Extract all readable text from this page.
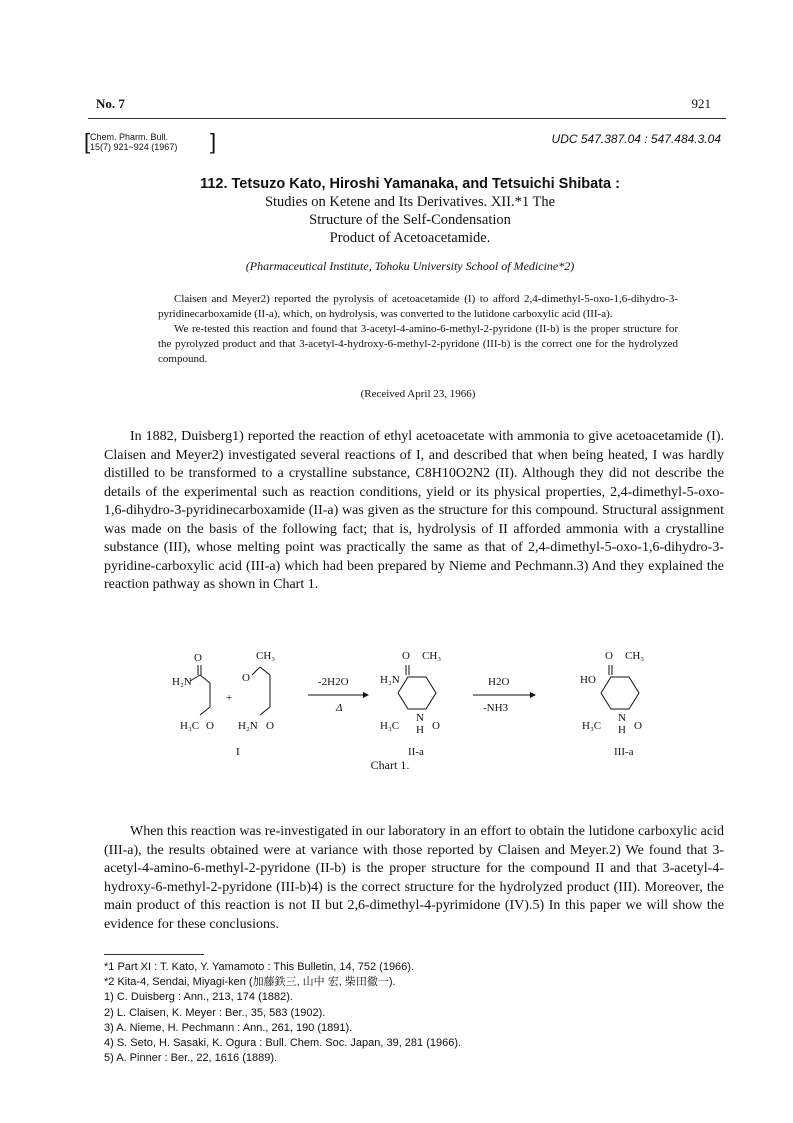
No. 7	921
[ Chem. Pharm. Bull.
15(7) 921~924 (1967) ]	UDC 547.387.04 : 547.484.3.04
112. Tetsuzo Kato, Hiroshi Yamanaka, and Tetsuichi Shibata :
Studies on Ketene and Its Derivatives. XII.*1 The
Structure of the Self-Condensation
Product of Acetoacetamide.
(Pharmaceutical Institute, Tohoku University School of Medicine*2)

Claisen and Meyer2) reported the pyrolysis of acetoacetamide (I) to afford 2,4-dimethyl-5-oxo-1,6-dihydro-3-pyridinecarboxamide (II-a), which, on hydrolysis, was converted to the lutidone carboxylic acid (III-a).

We re-tested this reaction and found that 3-acetyl-4-amino-6-methyl-2-pyridone (II-b) is the proper structure for the pyrolyzed product and that 3-acetyl-4-hydroxy-6-methyl-2-pyridone (III-b) is the correct one for the hydrolyzed compound.

(Received April 23, 1966)

In 1882, Duisberg1) reported the reaction of ethyl acetoacetate with ammonia to give acetoacetamide (I). Claisen and Meyer2) investigated several reactions of I, and described that when being heated, I was hardly distilled to be transformed to a crystalline substance, C8H10O2N2 (II). Although they did not describe the details of the experimental such as reaction conditions, yield or its physical properties, 2,4-dimethyl-5-oxo-1,6-dihydro-3-pyridinecarboxamide (II-a) was given as the structure for this compound. Structural assignment was made on the basis of the following fact; that is, hydrolysis of II afforded ammonia with a crystalline substance (III), whose melting point was practically the same as that of 2,4-dimethyl-5-oxo-1,6-dihydro-3-pyridine-carboxylic acid (III-a) which had been prepared by Nieme and Pechmann.3) And they explained the reaction pathway as shown in Chart 1.

O
H₂N
H₃C O
+
CH₃
O
H₂N O
I
-2H2O
Δ
O CH₃
H₂N
H₃C
N
H O
II-a
H2O
-NH3
O CH₃
HO
H₃C
N
H O
III-a
Chart 1.

When this reaction was re-investigated in our laboratory in an effort to obtain the lutidone carboxylic acid (III-a), the results obtained were at variance with those reported by Claisen and Meyer.2) We found that 3-acetyl-4-amino-6-methyl-2-pyridone (II-b) is the proper structure for the compound II and that 3-acetyl-4-hydroxy-6-methyl-2-pyridone (III-b)4) is the correct structure for the hydrolyzed product (III). Moreover, the main product of this reaction is not II but 2,6-dimethyl-4-pyrimidone (IV).5) In this paper we will show the evidence for these conclusions.

*1 Part XI : T. Kato, Y. Yamamoto : This Bulletin, 14, 752 (1966).
*2 Kita-4, Sendai, Miyagi-ken (加藤鉄三, 山中 宏, 柴田徹一).
1) C. Duisberg : Ann., 213, 174 (1882).
2) L. Claisen, K. Meyer : Ber., 35, 583 (1902).
3) A. Nieme, H. Pechmann : Ann., 261, 190 (1891).
4) S. Seto, H. Sasaki, K. Ogura : Bull. Chem. Soc. Japan, 39, 281 (1966).
5) A. Pinner : Ber., 22, 1616 (1889).
